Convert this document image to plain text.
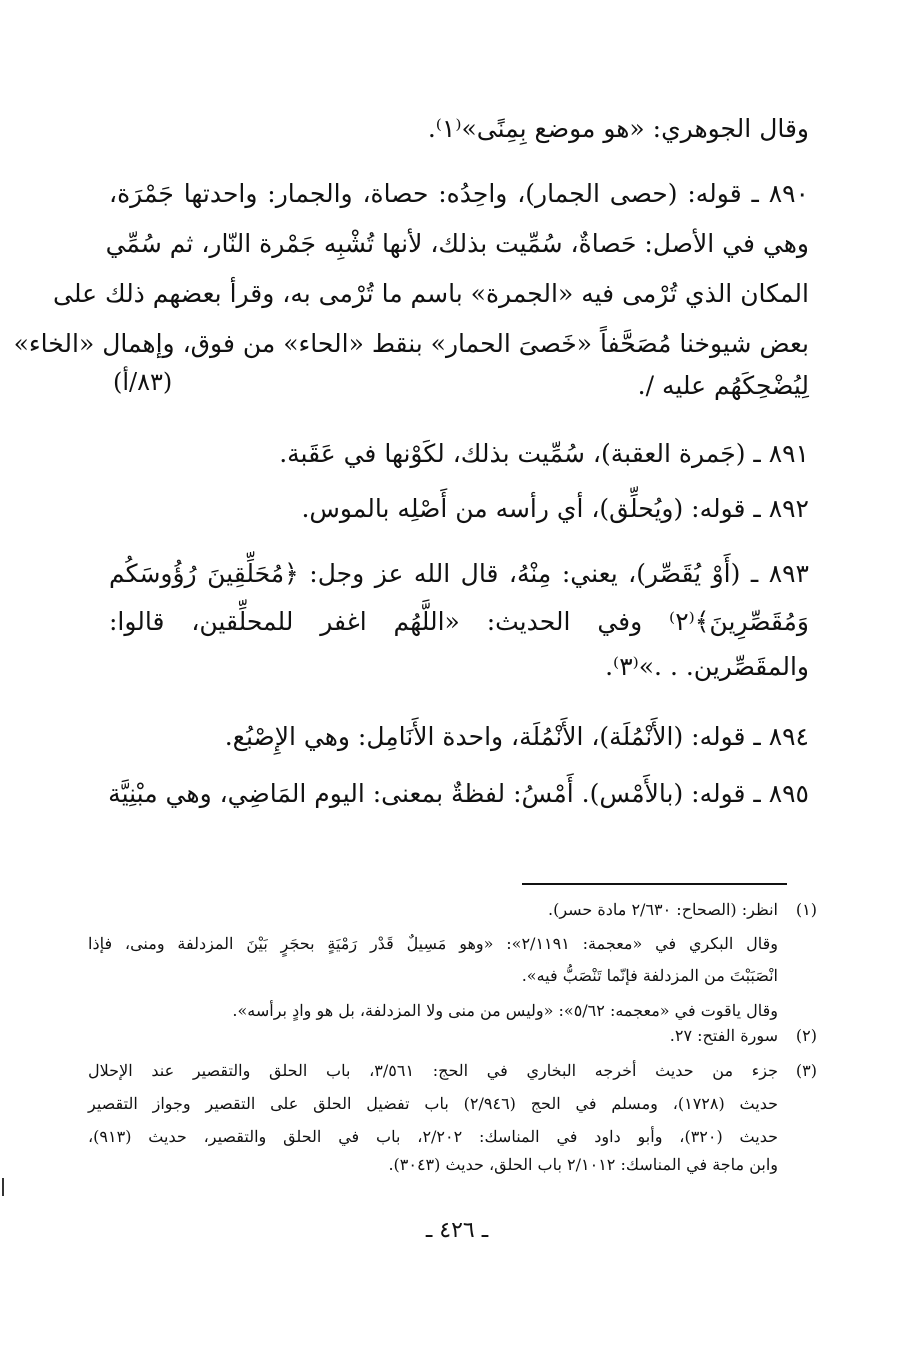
وقال الجوهري: «هو موضع بِمِنًى»⁽١⁾.
٨٩٠ ـ قوله: (حصى الجمار)، واحِدُه: حصاة، والجمار: واحدتها جَمْرَة،
وهي في الأصل: حَصاةٌ، سُمِّيت بذلك، لأنها تُشْبِه جَمْرة النّار، ثم سُمِّي
المكان الذي تُرْمى فيه «الجمرة» باسم ما تُرْمى به، وقرأ بعضهم ذلك على
بعض شيوخنا مُصَحَّفاً «خَصىَ الحمار» بنقط «الحاء» من فوق، وإهمال «الخاء»
لِيُضْحِكَهُم عليه /.
٨٩١ ـ (جَمرة العقبة)، سُمِّيت بذلك، لكَوْنها في عَقَبة.
٨٩٢ ـ قوله: (ويُحلِّق)، أي رأسه من أَصْلِه بالموس.
٨٩٣ ـ (أَوْ يُقَصِّر)، يعني: مِنْهُ، قال الله عز وجل: ﴿مُحَلِّقِينَ رُؤُوسَكُم
وَمُقَصِّرِينَ﴾⁽٢⁾ وفي الحديث: «اللَّهُم اغفر للمحلِّقين، قالوا:
والمقَصِّرين. . .»⁽٣⁾.
٨٩٤ ـ قوله: (الأَنْمُلَة)، الأَنْمُلَة، واحدة الأَنَامِل: وهي الإِصْبُع.
٨٩٥ ـ قوله: (بالأَمْس). أَمْسُ: لفظةٌ بمعنى: اليوم المَاضِي، وهي مبْنِيَّة
(٨٣/أ)
(١)
انظر: (الصحاح: ٢/٦٣٠ مادة حسر).
وقال البكري في «معجمة: ٢/١١٩١»: «وهو مَسِيلٌ قَدْر رَمْيَةٍ بحجَرٍ بَيْنَ المزدلفة ومنى، فإذا
انْصَبَبْتَ من المزدلفة فإنّما تَنْصَبُّ فيه».
وقال ياقوت في «معجمه: ٥/٦٢»: «وليس من منى ولا المزدلفة، بل هو وادٍ برأسه».
(٢)
سورة الفتح: ٢٧.
(٣)
جزء من حديث أخرجه البخاري في الحج: ٣/٥٦١، باب الحلق والتقصير عند الإحلال
حديث (١٧٢٨)، ومسلم في الحج (٢/٩٤٦) باب تفضيل الحلق على التقصير وجواز التقصير
حديث (٣٢٠)، وأبو داود في المناسك: ٢/٢٠٢، باب في الحلق والتقصير، حديث (٩١٣)،
وابن ماجة في المناسك: ٢/١٠١٢ باب الحلق، حديث (٣٠٤٣).
ـ ٤٢٦ ـ
